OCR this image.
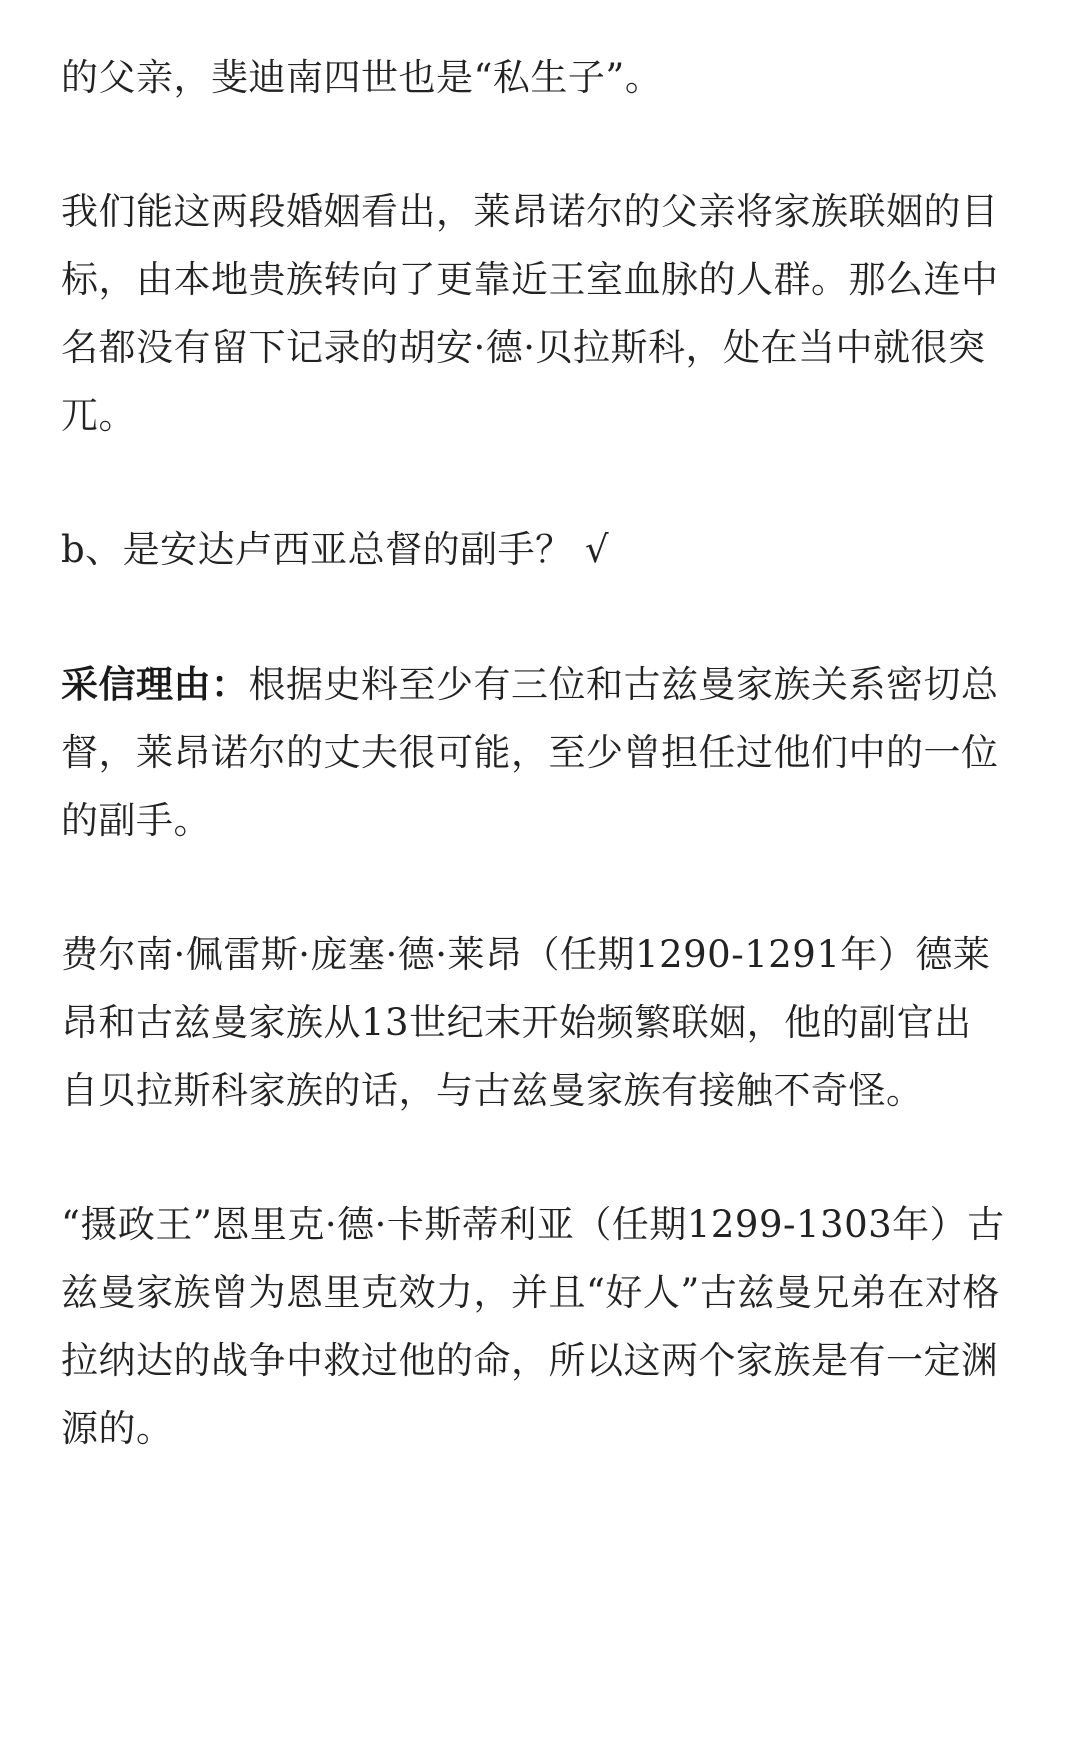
的父亲，斐迪南四世也是“私生子”。

我们能这两段婚姻看出，莱昂诺尔的父亲将家族联姻的目标，由本地贵族转向了更靠近王室血脉的人群。那么连中名都没有留下记录的胡安·德·贝拉斯科，处在当中就很突兀。

b、是安达卢西亚总督的副手？ √

采信理由：根据史料至少有三位和古兹曼家族关系密切总督，莱昂诺尔的丈夫很可能，至少曾担任过他们中的一位的副手。

费尔南·佩雷斯·庞塞·德·莱昂（任期1290-1291年）德莱昂和古兹曼家族从13世纪末开始频繁联姻，他的副官出自贝拉斯科家族的话，与古兹曼家族有接触不奇怪。

“摄政王”恩里克·德·卡斯蒂利亚（任期1299-1303年）古兹曼家族曾为恩里克效力，并且“好人”古兹曼兄弟在对格拉纳达的战争中救过他的命，所以这两个家族是有一定渊源的。
